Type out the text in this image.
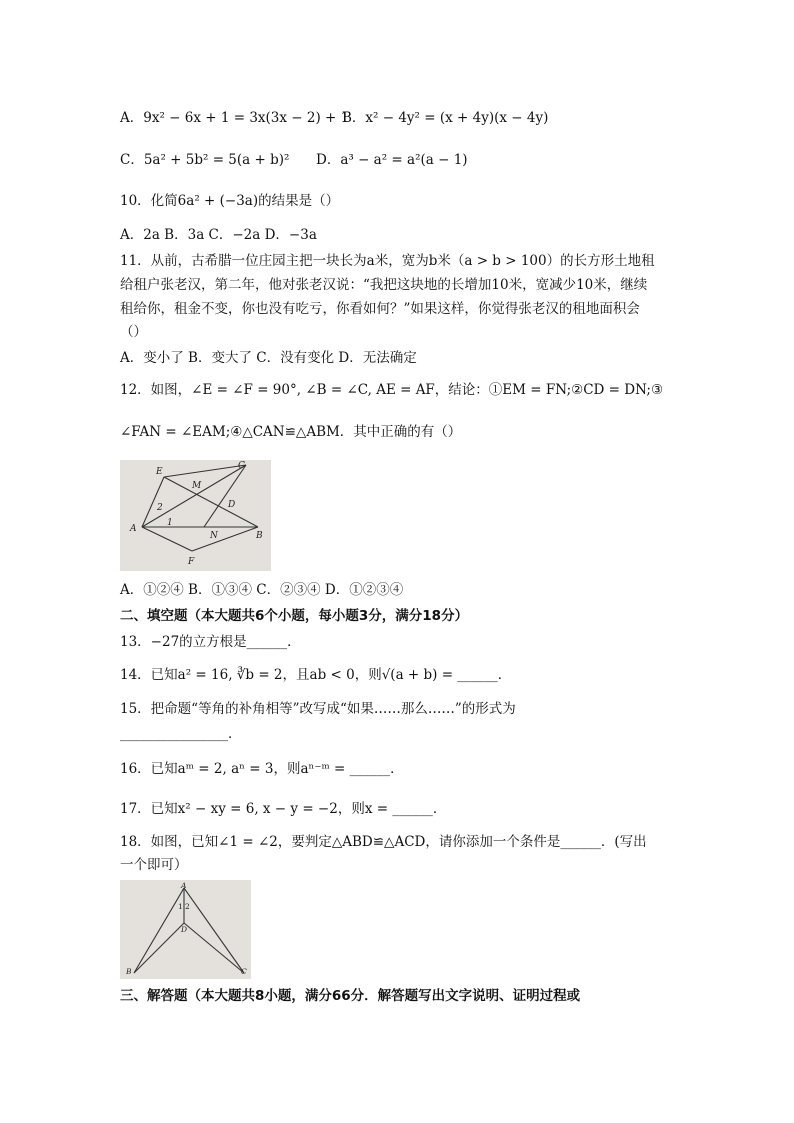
A．9x² − 6x + 1 = 3x(3x − 2) + 1
B．x² − 4y² = (x + 4y)(x − 4y)
C．5a² + 5b² = 5(a + b)² D．a³ − a² = a²(a − 1)
10．化简6a² + (−3a)的结果是（）
A．2a B．3a C．−2a D．−3a
11．从前，古希腊一位庄园主把一块长为a米，宽为b米（a > b > 100）的长方形土地租
给租户张老汉，第二年，他对张老汉说：“我把这块地的长增加10米，宽减少10米，继续
租给你，租金不变，你也没有吃亏，你看如何？”如果这样，你觉得张老汉的租地面积会
（）
A．变小了 B．变大了 C．没有变化 D．无法确定
12．如图，∠E = ∠F = 90°, ∠B = ∠C, AE = AF，结论：①EM = FN;②CD = DN;③
∠FAN = ∠EAM;④△CAN≌△ABM．其中正确的有（）
E
M
C
2	D
A
1
N	B
F
A．①②④ B．①③④ C．②③④ D．①②③④
二、填空题（本大题共6个小题，每小题3分，满分18分）
13．−27的立方根是______．
14．已知a² = 16, ∛b = 2，且ab < 0，则√(a + b) = ______．
15．把命题“等角的补角相等”改写成“如果……那么……”的形式为
________________．
16．已知aᵐ = 2, aⁿ = 3，则aⁿ⁻ᵐ = ______．
17．已知x² − xy = 6, x − y = −2，则x = ______．
18．如图，已知∠1 = ∠2，要判定△ABD≌△ACD，请你添加一个条件是______．(写出
一个即可）
A
1 2
D
B	C
三、解答题（本大题共8小题，满分66分．解答题写出文字说明、证明过程或
